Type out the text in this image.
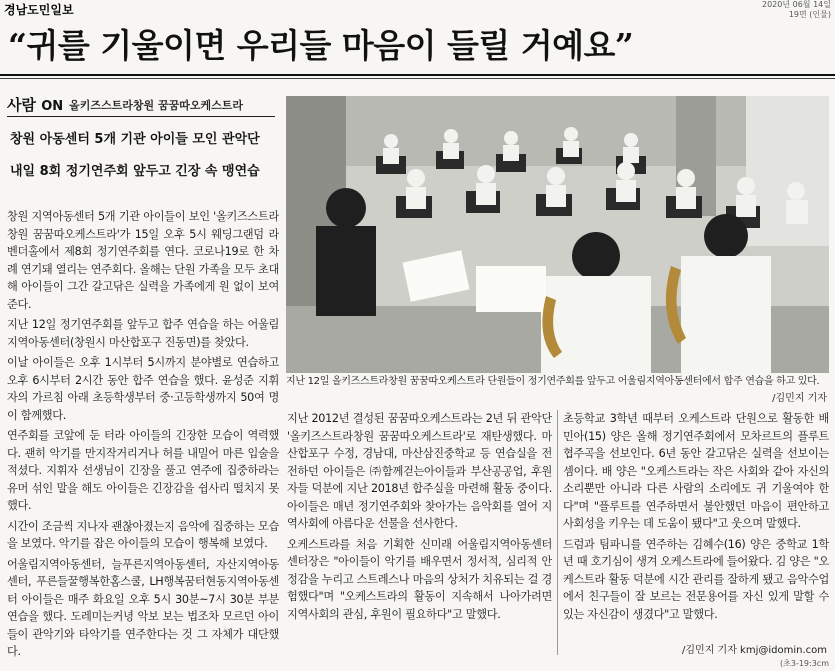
경남도민일보	2020년 06월 14일
19면 (인물)
“귀를 기울이면 우리들 마음이 들릴 거예요”
사람 ON 올키즈스트라창원 꿈꿈따오케스트라
창원 아동센터 5개 기관 아이들 모인 관악단
내일 8회 정기연주회 앞두고 긴장 속 맹연습

창원 지역아동센터 5개 기관 아이들이 보인 '올키즈스트라창원 꿈꿈따오케스트라'가 15일 오후 5시 웨딩그랜덤 라벤더홀에서 제8회 정기연주회를 연다. 코로나19로 한 차례 연기돼 열리는 연주회다. 올해는 단원 가족을 모두 초대해 아이들이 그간 갈고닦은 실력을 가족에게 원 없이 보여준다.

지난 12일 정기연주회를 앞두고 합주 연습을 하는 어울림지역아동센터(창원시 마산합포구 진동면)를 찾았다.

이날 아이들은 오후 1시부터 5시까지 분야별로 연습하고 오후 6시부터 2시간 동안 합주 연습을 했다. 윤성준 지휘자의 가르침 아래 초등학생부터 중·고등학생까지 50여 명이 함께했다.

연주회를 코앞에 둔 터라 아이들의 긴장한 모습이 역력했다. 괜히 악기를 만지작거리거나 허를 내밀어 마른 입술을 적셨다. 지휘자 선생님이 긴장을 풀고 연주에 집중하라는 유머 섞인 말을 해도 아이들은 긴장감을 쉽사리 떨치지 못했다.

시간이 조금씩 지나자 괜찮아졌는지 음악에 집중하는 모습을 보였다. 악기를 잡은 아이들의 모습이 행복해 보였다.

어울림지역아동센터, 늘푸른지역아동센터, 자산지역아동센터, 푸른들꿀행복한홈스쿨, LH행복꿈터현동지역아동센터 아이들은 매주 화요일 오후 5시 30분~7시 30분 부분 연습을 했다. 도레미는커녕 악보 보는 법조차 모르던 아이들이 관악기와 타악기를 연주한다는 것 그 자체가 대단했다.

지난 12일 올키즈스트라창원 꿈꿈따오케스트라 단원들이 정기연주회를 앞두고 어울림지역아동센터에서 합주 연습을 하고 있다.
/김민지 기자

지난 2012년 결성된 꿈꿈따오케스트라는 2년 뒤 관악단 '올키즈스트라창원 꿈꿈따오케스트라'로 재탄생했다. 마산합포구 수정, 경남대, 마산삼진중학교 등 연습실을 전전하던 아이들은 ㈜함께걷는아이들과 부산공공업, 후원자들 덕분에 지난 2018년 합주실을 마련해 활동 중이다. 아이들은 매년 정기연주회와 찾아가는 음악회를 열어 지역사회에 아름다운 선물을 선사한다.

오케스트라를 처음 기획한 신미래 어울림지역아동센터 센터장은 "아이들이 악기를 배우면서 정서적, 심리적 안정감을 누리고 스트레스나 마음의 상처가 치유되는 걸 경험했다"며 "오케스트라의 활동이 지속해서 나아가려면 지역사회의 관심, 후원이 필요하다"고 말했다.

초등학교 3학년 때부터 오케스트라 단원으로 활동한 배민아(15) 양은 올해 정기연주회에서 모차르트의 플루트 협주곡을 선보인다. 6년 동안 갈고닦은 실력을 선보이는 셈이다. 배 양은 "오케스트라는 작은 사회와 같아 자신의 소리뿐만 아니라 다른 사람의 소리에도 귀 기울여야 한다"며 "플루트를 연주하면서 불안했던 마음이 편안하고 사회성을 키우는 데 도움이 됐다"고 웃으며 말했다.

드럼과 팀파니를 연주하는 김혜수(16) 양은 중학교 1학년 때 호기심이 생겨 오케스트라에 들어왔다. 김 양은 "오케스트라 활동 덕분에 시간 관리를 잘하게 됐고 음악수업에서 친구들이 잘 보르는 전문용어를 자신 있게 말할 수 있는 자신감이 생겼다"고 말했다.

/김민지 기자 kmj@idomin.com
(초3-19:3cm
